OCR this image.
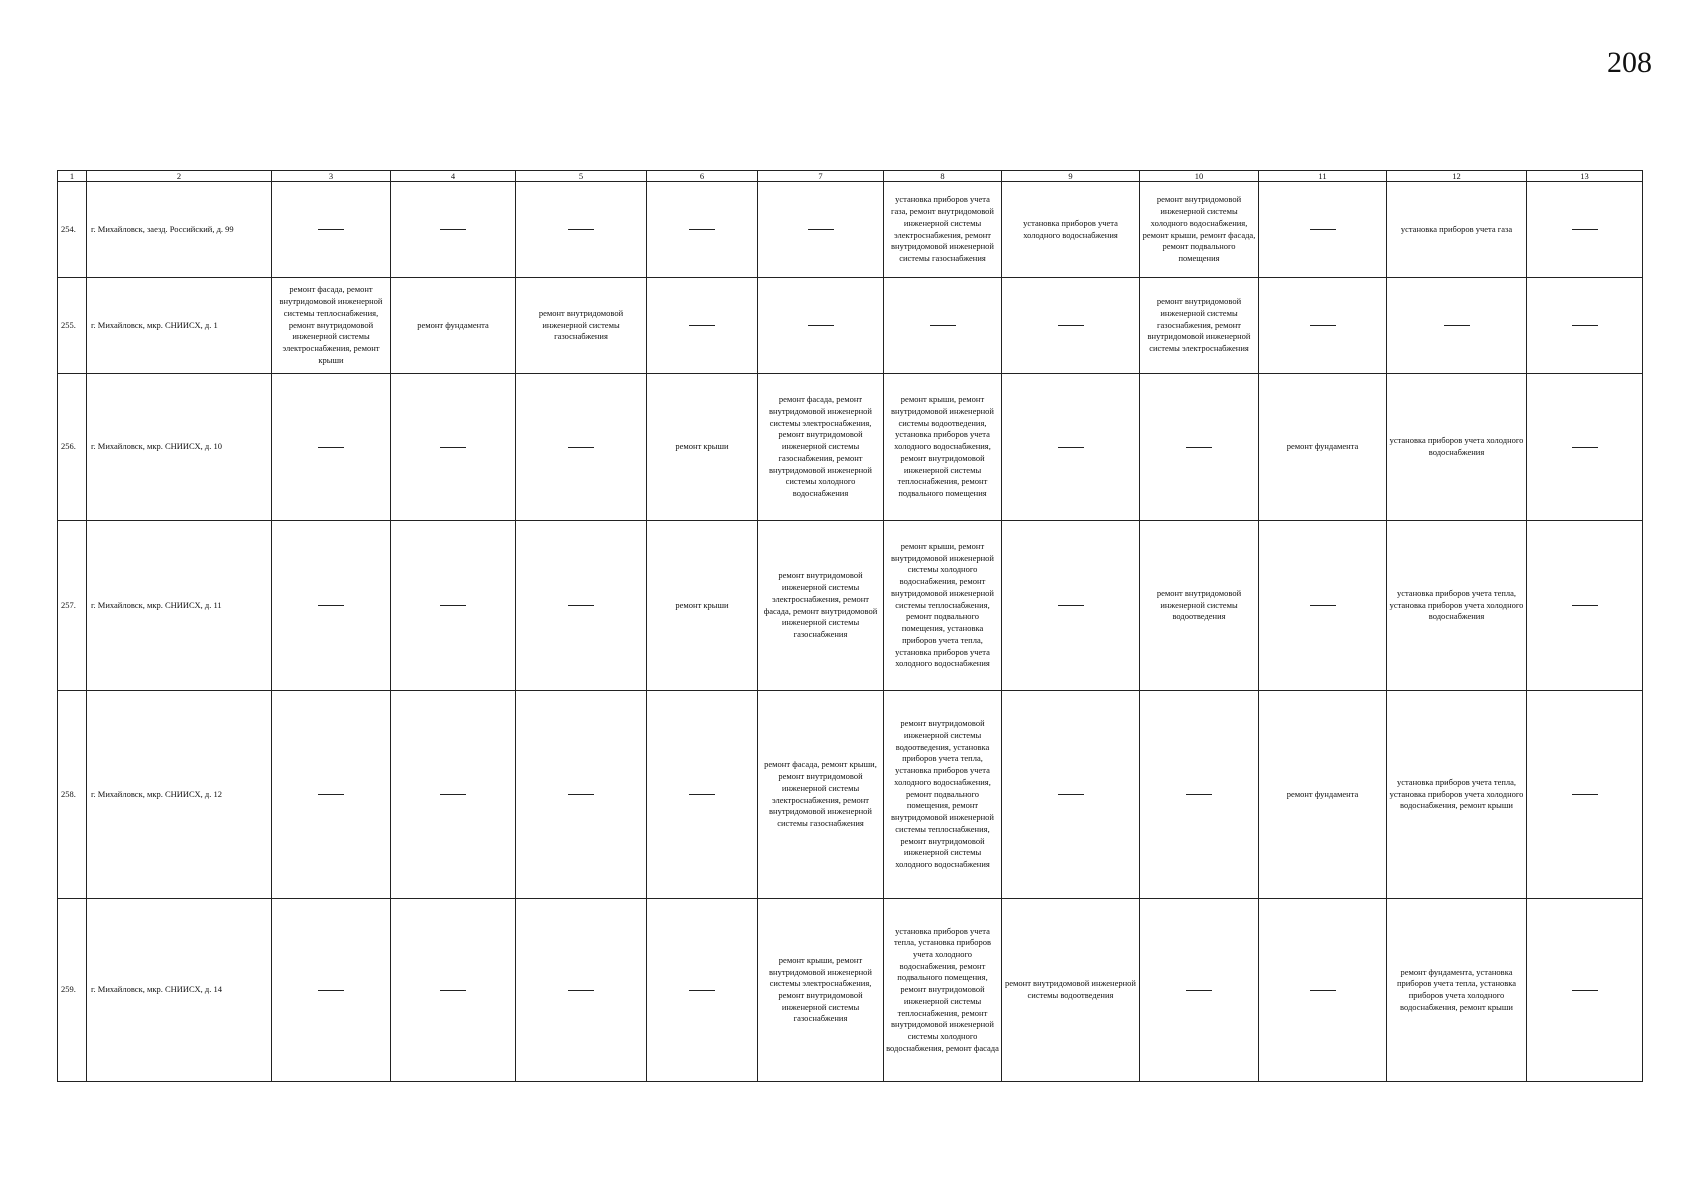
208
1	2	3	4	5	6	7	8	9	10	11	12	13
254.	г. Михайловск, заезд. Российский, д. 99						установка приборов учета газа, ремонт внутридомовой инженерной системы электроснабжения, ремонт внутридомовой инженерной системы газоснабжения	установка приборов учета холодного водоснабжения	ремонт внутридомовой инженерной системы холодного водоснабжения, ремонт крыши, ремонт фасада, ремонт подвального помещения		установка приборов учета газа	
255.	г. Михайловск, мкр. СНИИСХ, д. 1	ремонт фасада, ремонт внутридомовой инженерной системы теплоснабжения, ремонт внутридомовой инженерной системы электроснабжения, ремонт крыши	ремонт фундамента	ремонт внутридомовой инженерной системы газоснабжения					ремонт внутридомовой инженерной системы газоснабжения, ремонт внутридомовой инженерной системы электроснабжения			
256.	г. Михайловск, мкр. СНИИСХ, д. 10				ремонт крыши	ремонт фасада, ремонт внутридомовой инженерной системы электроснабжения, ремонт внутридомовой инженерной системы газоснабжения, ремонт внутридомовой инженерной системы холодного водоснабжения	ремонт крыши, ремонт внутридомовой инженерной системы водоотведения, установка приборов учета холодного водоснабжения, ремонт внутридомовой инженерной системы теплоснабжения, ремонт подвального помещения			ремонт фундамента	установка приборов учета холодного водоснабжения	
257.	г. Михайловск, мкр. СНИИСХ, д. 11				ремонт крыши	ремонт внутридомовой инженерной системы электроснабжения, ремонт фасада, ремонт внутридомовой инженерной системы газоснабжения	ремонт крыши, ремонт внутридомовой инженерной системы холодного водоснабжения, ремонт внутридомовой инженерной системы теплоснабжения, ремонт подвального помещения, установка приборов учета тепла, установка приборов учета холодного водоснабжения		ремонт внутридомовой инженерной системы водоотведения		установка приборов учета тепла, установка приборов учета холодного водоснабжения	
258.	г. Михайловск, мкр. СНИИСХ, д. 12					ремонт фасада, ремонт крыши, ремонт внутридомовой инженерной системы электроснабжения, ремонт внутридомовой инженерной системы газоснабжения	ремонт внутридомовой инженерной системы водоотведения, установка приборов учета тепла, установка приборов учета холодного водоснабжения, ремонт подвального помещения, ремонт внутридомовой инженерной системы теплоснабжения, ремонт внутридомовой инженерной системы холодного водоснабжения			ремонт фундамента	установка приборов учета тепла, установка приборов учета холодного водоснабжения, ремонт крыши	
259.	г. Михайловск, мкр. СНИИСХ, д. 14					ремонт крыши, ремонт внутридомовой инженерной системы электроснабжения, ремонт внутридомовой инженерной системы газоснабжения	установка приборов учета тепла, установка приборов учета холодного водоснабжения, ремонт подвального помещения, ремонт внутридомовой инженерной системы теплоснабжения, ремонт внутридомовой инженерной системы холодного водоснабжения, ремонт фасада	ремонт внутридомовой инженерной системы водоотведения			ремонт фундамента, установка приборов учета тепла, установка приборов учета холодного водоснабжения, ремонт крыши	
